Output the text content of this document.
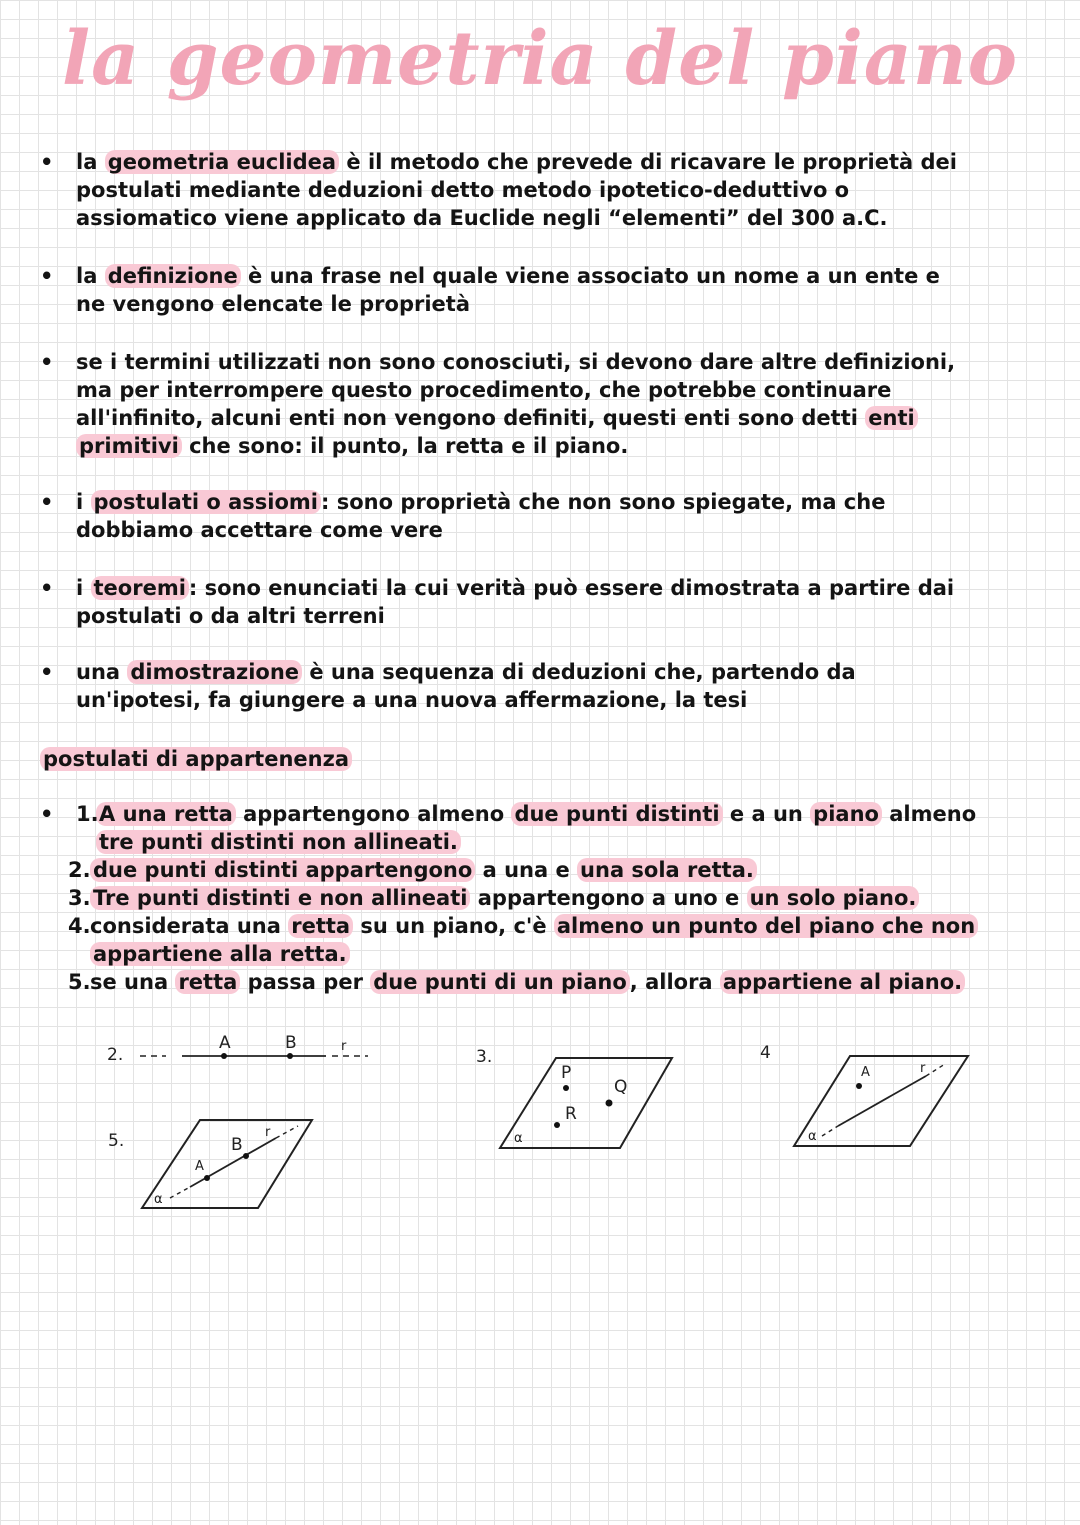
la geometria del piano
•	la geometria euclidea è il metodo che prevede di ricavare le proprietà dei postulati mediante deduzioni detto metodo ipotetico-deduttivo o assiomatico viene applicato da Euclide negli “elementi” del 300 a.C.
•	la definizione è una frase nel quale viene associato un nome a un ente e ne vengono elencate le proprietà
•	se i termini utilizzati non sono conosciuti, si devono dare altre definizioni, ma per interrompere questo procedimento, che potrebbe continuare all'infinito, alcuni enti non vengono definiti, questi enti sono detti enti primitivi che sono: il punto, la retta e il piano.
•	i postulati o assiomi : sono proprietà che non sono spiegate, ma che dobbiamo accettare come vere
•	i teoremi : sono enunciati la cui verità può essere dimostrata a partire dai postulati o da altri terreni
•	una dimostrazione è una sequenza di deduzioni che, partendo da un'ipotesi, fa giungere a una nuova affermazione, la tesi
postulati di appartenenza
• 1. A una retta appartengono almeno due punti distinti e a un piano almeno tre punti distinti non allineati.
2. due punti distinti appartengono a una e una sola retta.
3. Tre punti distinti e non allineati appartengono a uno e un solo piano.
4. considerata una retta su un piano, c'è almeno un punto del piano che non appartiene alla retta.
5. se una retta passa per due punti di un piano , allora appartiene al piano.
2.
A	B	r
3.
α
P
Q
R
4
α
A	r
5.
α
A
B
r
